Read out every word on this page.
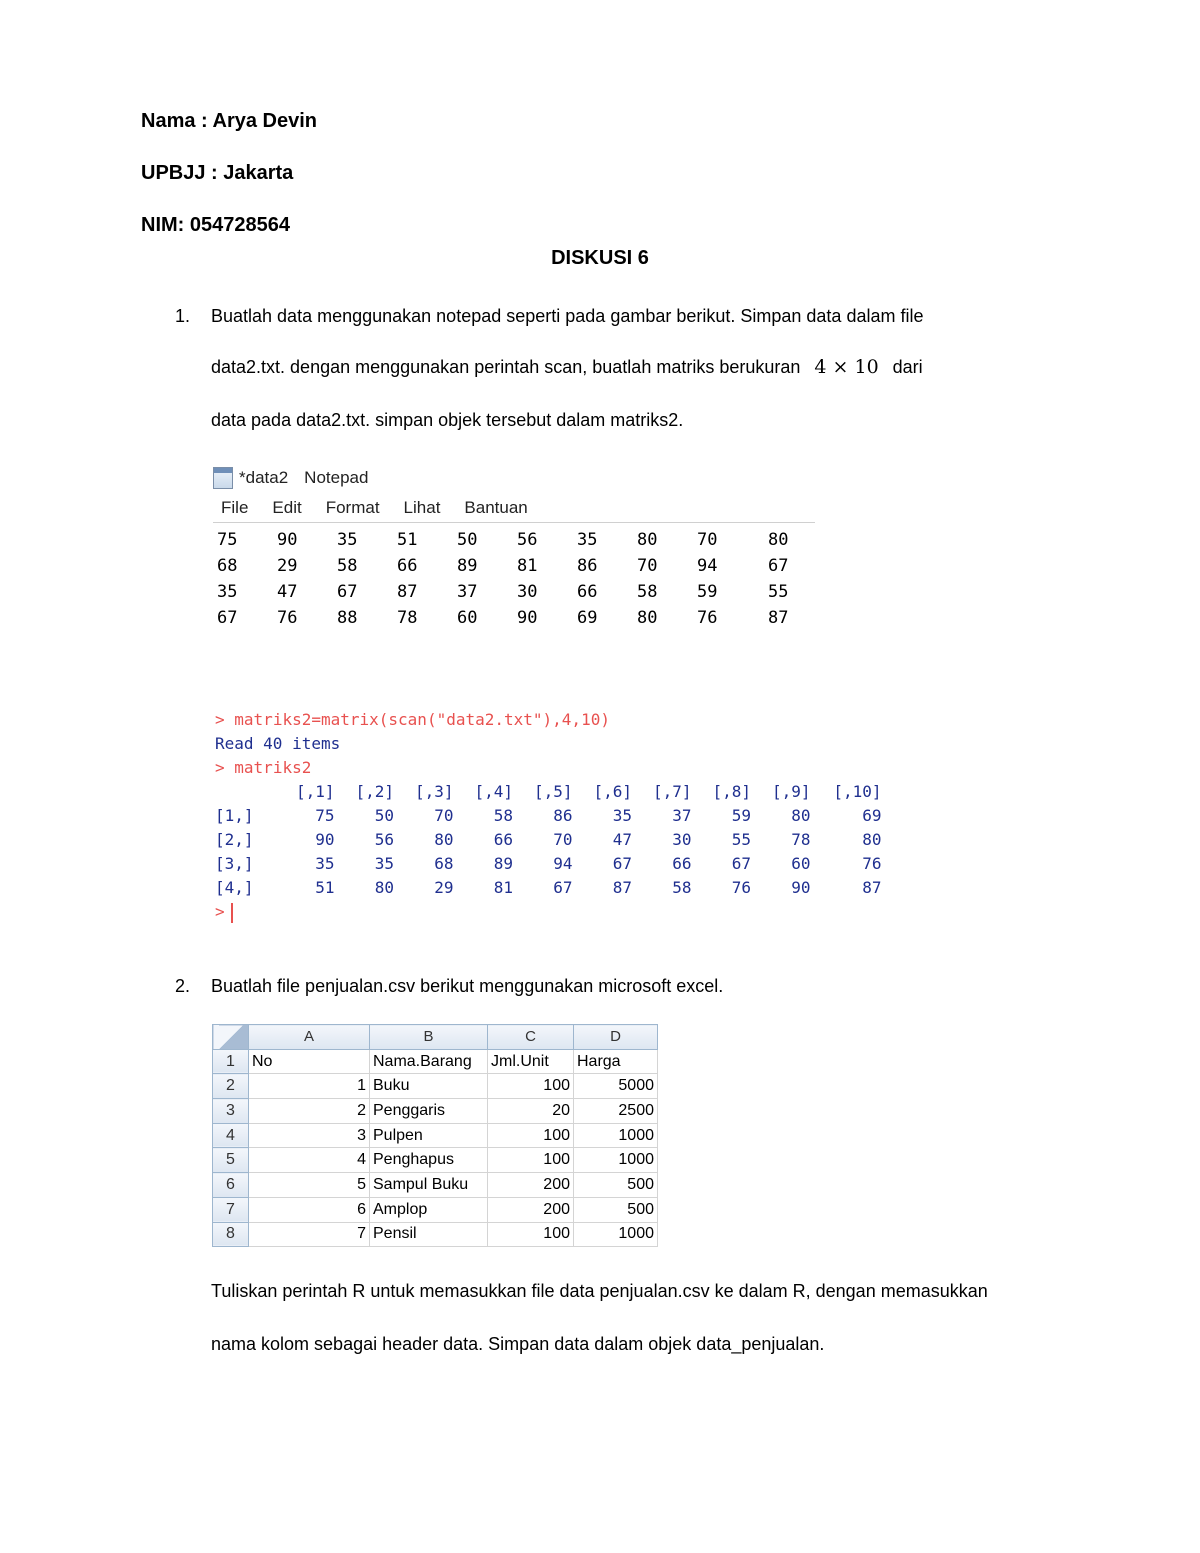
Nama : Arya Devin
UPBJJ : Jakarta
NIM: 054728564
DISKUSI 6
1. Buatlah data menggunakan notepad seperti pada gambar berikut. Simpan data dalam file
data2.txt. dengan menggunakan perintah scan, buatlah matriks berukuran 4 × 10 dari
data pada data2.txt. simpan objek tersebut dalam matriks2.
*data2 Notepad
File Edit Format Lihat Bantuan
75	90	35	51	50	56	35	80	70	80
68	29	58	66	89	81	86	70	94	67
35	47	67	87	37	30	66	58	59	55
67	76	88	78	60	90	69	80	76	87
> matriks2=matrix(scan("data2.txt"),4,10)
Read 40 items
> matriks2
[,1]	[,2]	[,3]	[,4]	[,5]	[,6]	[,7]	[,8]	[,9]	[,10]
[1,]	75	50	70	58	86	35	37	59	80	69
[2,]	90	56	80	66	70	47	30	55	78	80
[3,]	35	35	68	89	94	67	66	67	60	76
[4,]	51	80	29	81	67	87	58	76	90	87
>
2. Buatlah file penjualan.csv berikut menggunakan microsoft excel.
	A	B	C	D
1	No	Nama.Barang	Jml.Unit	Harga
2	1	Buku	100	5000
3	2	Penggaris	20	2500
4	3	Pulpen	100	1000
5	4	Penghapus	100	1000
6	5	Sampul Buku	200	500
7	6	Amplop	200	500
8	7	Pensil	100	1000
Tuliskan perintah R untuk memasukkan file data penjualan.csv ke dalam R, dengan memasukkan
nama kolom sebagai header data. Simpan data dalam objek data_penjualan.
